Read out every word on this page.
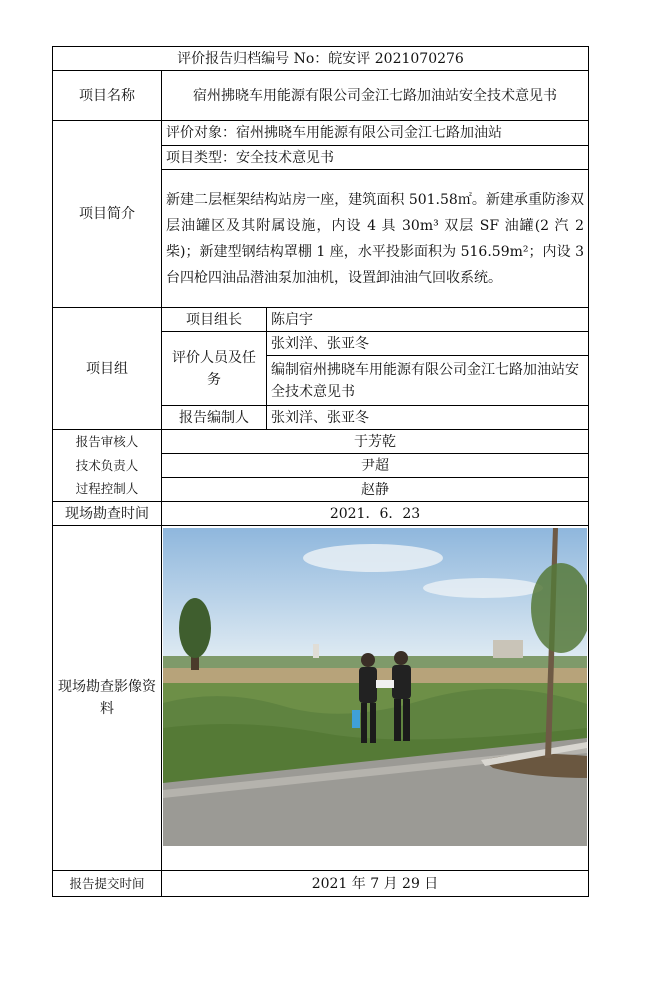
评价报告归档编号 No：皖安评 2021070276		
项目名称	宿州拂晓车用能源有限公司金江七路加油站安全技术意见书	
项目简介	评价对象：宿州拂晓车用能源有限公司金江七路加油站	
	项目类型：安全技术意见书	
	新建二层框架结构站房一座，建筑面积 501.58㎡。新建承重防渗双层油罐区及其附属设施，内设 4 具 30m³ 双层 SF 油罐(2 汽 2 柴)；新建型钢结构罩棚 1 座，水平投影面积为 516.59m²；内设 3 台四枪四油品潜油泵加油机，设置卸油油气回收系统。	
项目组	项目组长	陈启宇
	评价人员及任务	张刘洋、张亚冬
		编制宿州拂晓车用能源有限公司金江七路加油站安全技术意见书
	报告编制人	张刘洋、张亚冬
报告审核人	于芳乾	
技术负责人	尹超	
过程控制人	赵静	
现场勘查时间	2021．6．23	
现场勘查影像资料	

报告提交时间	2021 年 7 月 29 日	
